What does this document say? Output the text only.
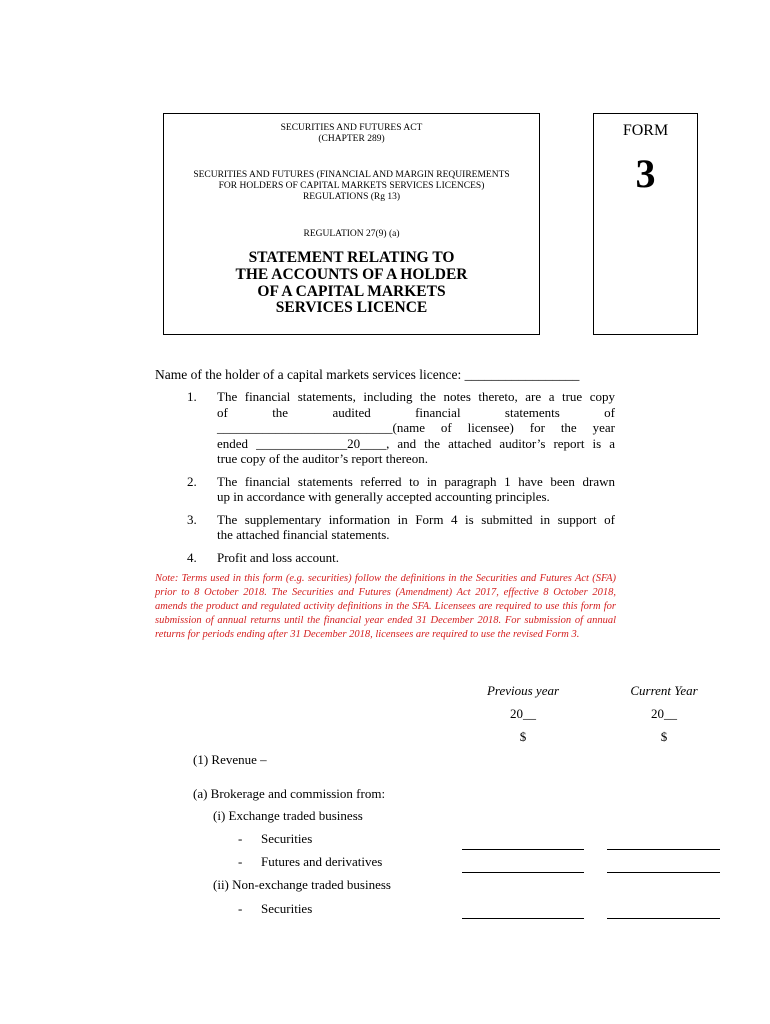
SECURITIES AND FUTURES ACT
(CHAPTER 289)
SECURITIES AND FUTURES (FINANCIAL AND MARGIN REQUIREMENTS
FOR HOLDERS OF CAPITAL MARKETS SERVICES LICENCES)
REGULATIONS (Rg 13)
REGULATION 27(9) (a)
STATEMENT RELATING TO
THE ACCOUNTS OF A HOLDER
OF A CAPITAL MARKETS
SERVICES LICENCE
FORM
3
Name of the holder of a capital markets services licence: _________________
1. The financial statements, including the notes thereto, are a true copy
of the audited financial statements of
___________________________(name of licensee) for the year
ended ______________20____, and the attached auditor’s report is a
true copy of the auditor’s report thereon.
2. The financial statements referred to in paragraph 1 have been drawn
up in accordance with generally accepted accounting principles.
3. The supplementary information in Form 4 is submitted in support of
the attached financial statements.
4. Profit and loss account.
Note: Terms used in this form (e.g. securities) follow the definitions in the Securities and Futures Act (SFA) prior to 8 October 2018. The Securities and Futures (Amendment) Act 2017, effective 8 October 2018, amends the product and regulated activity definitions in the SFA. Licensees are required to use this form for submission of annual returns until the financial year ended 31 December 2018. For submission of annual returns for periods ending after 31 December 2018, licensees are required to use the revised Form 3.
Previous year	Current Year
20__	20__
$	$
(1) Revenue –
(a) Brokerage and commission from:
(i) Exchange traded business
- Securities
- Futures and derivatives
(ii) Non-exchange traded business
- Securities
